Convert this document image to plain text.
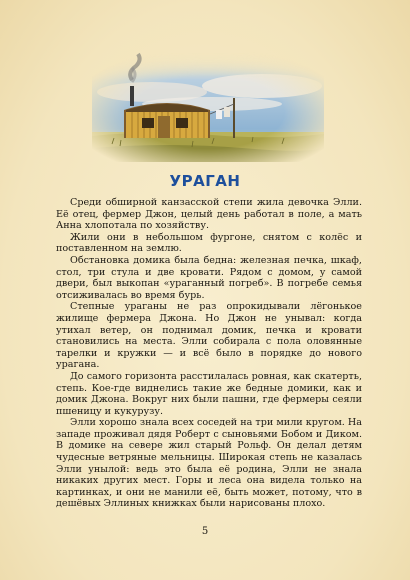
УРАГАН

Среди обширной канзасской степи жила девочка Элли. Её отец, фермер Джон, целый день работал в поле, а мать Анна хлопотала по хозяйству.

Жили они в небольшом фургоне, снятом с колёс и поставленном на землю.

Обстановка домика была бедна: железная печка, шкаф, стол, три стула и две кровати. Рядом с домом, у самой двери, был выкопан «ураганный погреб». В погребе семья отсиживалась во время бурь.

Степные ураганы не раз опрокидывали лёгонькое жилище фермера Джона. Но Джон не унывал: когда утихал ветер, он поднимал домик, печка и кровати становились на места. Элли собирала с пола оловянные тарелки и кружки — и всё было в порядке до нового урагана.

До самого горизонта расстилалась ровная, как скатерть, степь. Кое-где виднелись такие же бедные домики, как и домик Джона. Вокруг них были пашни, где фермеры сеяли пшеницу и кукурузу.

Элли хорошо знала всех соседей на три мили кругом. На западе проживал дядя Роберт с сыновьями Бобом и Диком. В домике на севере жил старый Рольф. Он делал детям чудесные ветряные мельницы. Широкая степь не казалась Элли унылой: ведь это была её родина, Элли не знала никаких других мест. Горы и леса она видела только на картинках, и они не манили её, быть может, потому, что в дешёвых Эллиных книжках были нарисованы плохо.

5
